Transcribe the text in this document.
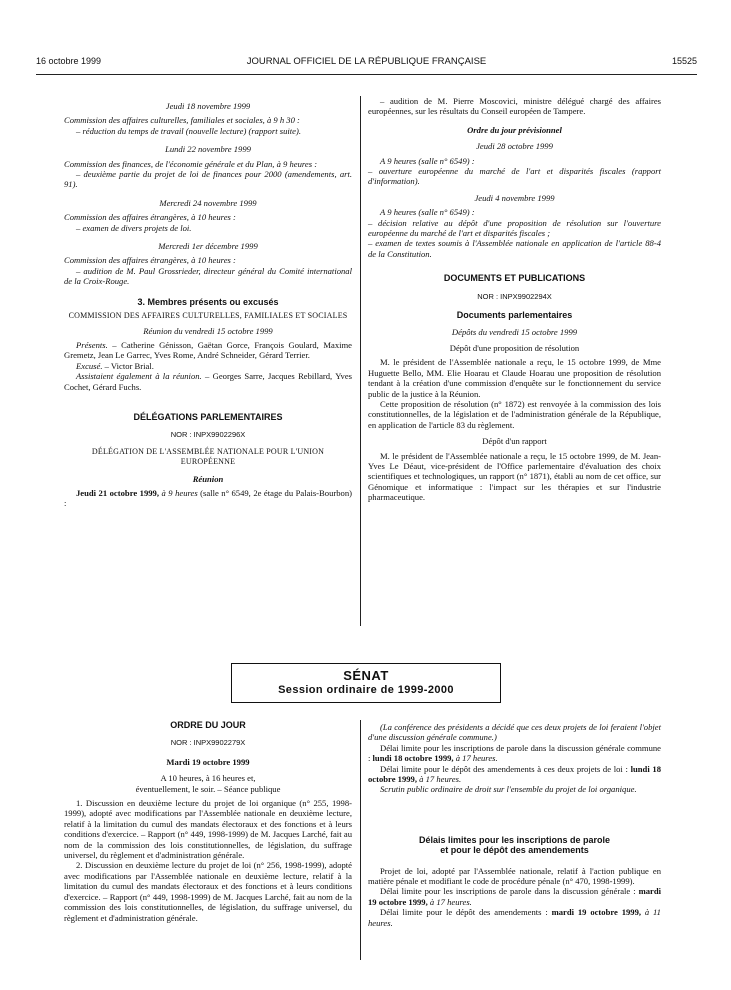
16 octobre 1999	JOURNAL OFFICIEL DE LA RÉPUBLIQUE FRANÇAISE	15525

Jeudi 18 novembre 1999

Commission des affaires culturelles, familiales et sociales, à 9 h 30 :

– réduction du temps de travail (nouvelle lecture) (rapport suite).

Lundi 22 novembre 1999

Commission des finances, de l'économie générale et du Plan, à 9 heures :

– deuxième partie du projet de loi de finances pour 2000 (amendements, art. 91).

Mercredi 24 novembre 1999

Commission des affaires étrangères, à 10 heures :

– examen de divers projets de loi.

Mercredi 1er décembre 1999

Commission des affaires étrangères, à 10 heures :

– audition de M. Paul Grossrieder, directeur général du Comité international de la Croix-Rouge.

3. Membres présents ou excusés

COMMISSION DES AFFAIRES CULTURELLES, FAMILIALES ET SOCIALES

Réunion du vendredi 15 octobre 1999

Présents. – Catherine Génisson, Gaëtan Gorce, François Goulard, Maxime Gremetz, Jean Le Garrec, Yves Rome, André Schneider, Gérard Terrier.

Excusé. – Victor Brial.

Assistaient également à la réunion. – Georges Sarre, Jacques Rebillard, Yves Cochet, Gérard Fuchs.

DÉLÉGATIONS PARLEMENTAIRES

NOR : INPX9902296X

DÉLÉGATION DE L'ASSEMBLÉE NATIONALE POUR L'UNION EUROPÉENNE

Réunion

Jeudi 21 octobre 1999, à 9 heures (salle n° 6549, 2e étage du Palais-Bourbon) :

– audition de M. Pierre Moscovici, ministre délégué chargé des affaires européennes, sur les résultats du Conseil européen de Tampere.

Ordre du jour prévisionnel

Jeudi 28 octobre 1999

A 9 heures (salle n° 6549) :

– ouverture européenne du marché de l'art et disparités fiscales (rapport d'information).

Jeudi 4 novembre 1999

A 9 heures (salle n° 6549) :

– décision relative au dépôt d'une proposition de résolution sur l'ouverture européenne du marché de l'art et disparités fiscales ;

– examen de textes soumis à l'Assemblée nationale en application de l'article 88-4 de la Constitution.

DOCUMENTS ET PUBLICATIONS

NOR : INPX9902294X

Documents parlementaires

Dépôts du vendredi 15 octobre 1999

Dépôt d'une proposition de résolution

M. le président de l'Assemblée nationale a reçu, le 15 octobre 1999, de Mme Huguette Bello, MM. Elie Hoarau et Claude Hoarau une proposition de résolution tendant à la création d'une commission d'enquête sur le fonctionnement du service public de la justice à la Réunion.

Cette proposition de résolution (n° 1872) est renvoyée à la commission des lois constitutionnelles, de la législation et de l'administration générale de la République, en application de l'article 83 du règlement.

Dépôt d'un rapport

M. le président de l'Assemblée nationale a reçu, le 15 octobre 1999, de M. Jean-Yves Le Déaut, vice-président de l'Office parlementaire d'évaluation des choix scientifiques et technologiques, un rapport (n° 1871), établi au nom de cet office, sur Génomique et informatique : l'impact sur les thérapies et sur l'industrie pharmaceutique.

SÉNAT
Session ordinaire de 1999-2000

ORDRE DU JOUR

NOR : INPX9902279X

Mardi 19 octobre 1999

A 10 heures, à 16 heures et,

éventuellement, le soir. – Séance publique

1. Discussion en deuxième lecture du projet de loi organique (n° 255, 1998-1999), adopté avec modifications par l'Assemblée nationale en deuxième lecture, relatif à la limitation du cumul des mandats électoraux et des fonctions et à leurs conditions d'exercice. – Rapport (n° 449, 1998-1999) de M. Jacques Larché, fait au nom de la commission des lois constitutionnelles, de législation, du suffrage universel, du règlement et d'administration générale.

2. Discussion en deuxième lecture du projet de loi (n° 256, 1998-1999), adopté avec modifications par l'Assemblée nationale en deuxième lecture, relatif à la limitation du cumul des mandats électoraux et des fonctions et à leurs conditions d'exercice. – Rapport (n° 449, 1998-1999) de M. Jacques Larché, fait au nom de la commission des lois constitutionnelles, de législation, du suffrage universel, du règlement et d'administration générale.

(La conférence des présidents a décidé que ces deux projets de loi feraient l'objet d'une discussion générale commune.)

Délai limite pour les inscriptions de parole dans la discussion générale commune : lundi 18 octobre 1999, à 17 heures.

Délai limite pour le dépôt des amendements à ces deux projets de loi : lundi 18 octobre 1999, à 17 heures.

Scrutin public ordinaire de droit sur l'ensemble du projet de loi organique.

Délais limites pour les inscriptions de parole

et pour le dépôt des amendements

Projet de loi, adopté par l'Assemblée nationale, relatif à l'action publique en matière pénale et modifiant le code de procédure pénale (n° 470, 1998-1999).

Délai limite pour les inscriptions de parole dans la discussion générale : mardi 19 octobre 1999, à 17 heures.

Délai limite pour le dépôt des amendements : mardi 19 octobre 1999, à 11 heures.
